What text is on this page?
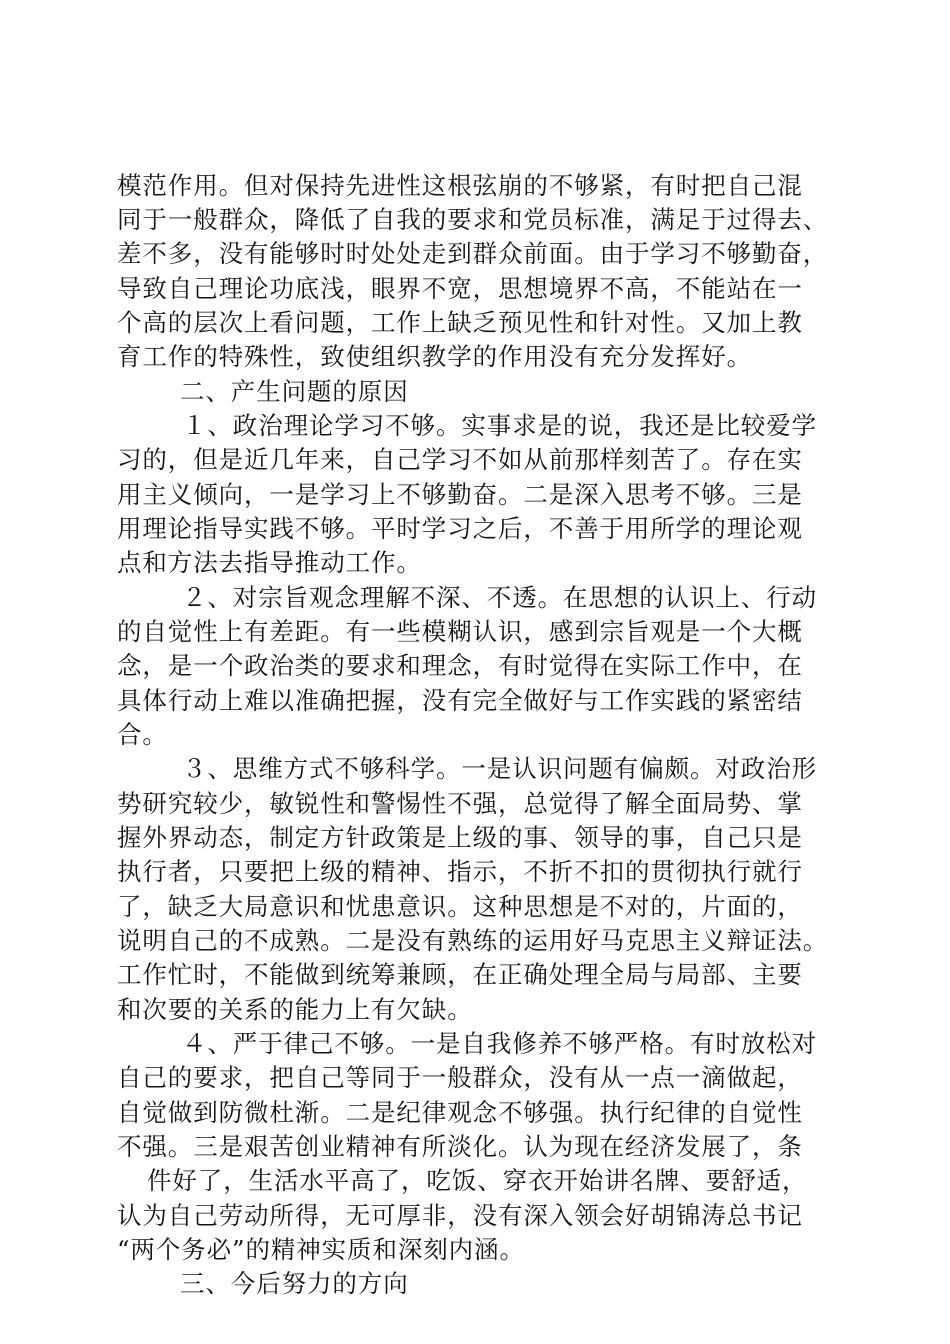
模范作用。但对保持先进性这根弦崩的不够紧，有时把自己混
同于一般群众，降低了自我的要求和党员标准，满足于过得去、
差不多，没有能够时时处处走到群众前面。由于学习不够勤奋，
导致自己理论功底浅，眼界不宽，思想境界不高，不能站在一
个高的层次上看问题，工作上缺乏预见性和针对性。又加上教
育工作的特殊性，致使组织教学的作用没有充分发挥好。
二、产生问题的原因
１、政治理论学习不够。实事求是的说，我还是比较爱学
习的，但是近几年来，自己学习不如从前那样刻苦了。存在实
用主义倾向，一是学习上不够勤奋。二是深入思考不够。三是
用理论指导实践不够。平时学习之后，不善于用所学的理论观
点和方法去指导推动工作。
２、对宗旨观念理解不深、不透。在思想的认识上、行动
的自觉性上有差距。有一些模糊认识，感到宗旨观是一个大概
念，是一个政治类的要求和理念，有时觉得在实际工作中，在
具体行动上难以准确把握，没有完全做好与工作实践的紧密结
合。
３、思维方式不够科学。一是认识问题有偏颇。对政治形
势研究较少，敏锐性和警惕性不强，总觉得了解全面局势、掌
握外界动态，制定方针政策是上级的事、领导的事，自己只是
执行者，只要把上级的精神、指示，不折不扣的贯彻执行就行
了，缺乏大局意识和忧患意识。这种思想是不对的，片面的，
说明自己的不成熟。二是没有熟练的运用好马克思主义辩证法。
工作忙时，不能做到统筹兼顾，在正确处理全局与局部、主要
和次要的关系的能力上有欠缺。
４、严于律己不够。一是自我修养不够严格。有时放松对
自己的要求，把自己等同于一般群众，没有从一点一滴做起，
自觉做到防微杜渐。二是纪律观念不够强。执行纪律的自觉性
不强。三是艰苦创业精神有所淡化。认为现在经济发展了，条
件好了，生活水平高了，吃饭、穿衣开始讲名牌、要舒适，
认为自己劳动所得，无可厚非，没有深入领会好胡锦涛总书记
“两个务必”的精神实质和深刻内涵。
三、今后努力的方向
